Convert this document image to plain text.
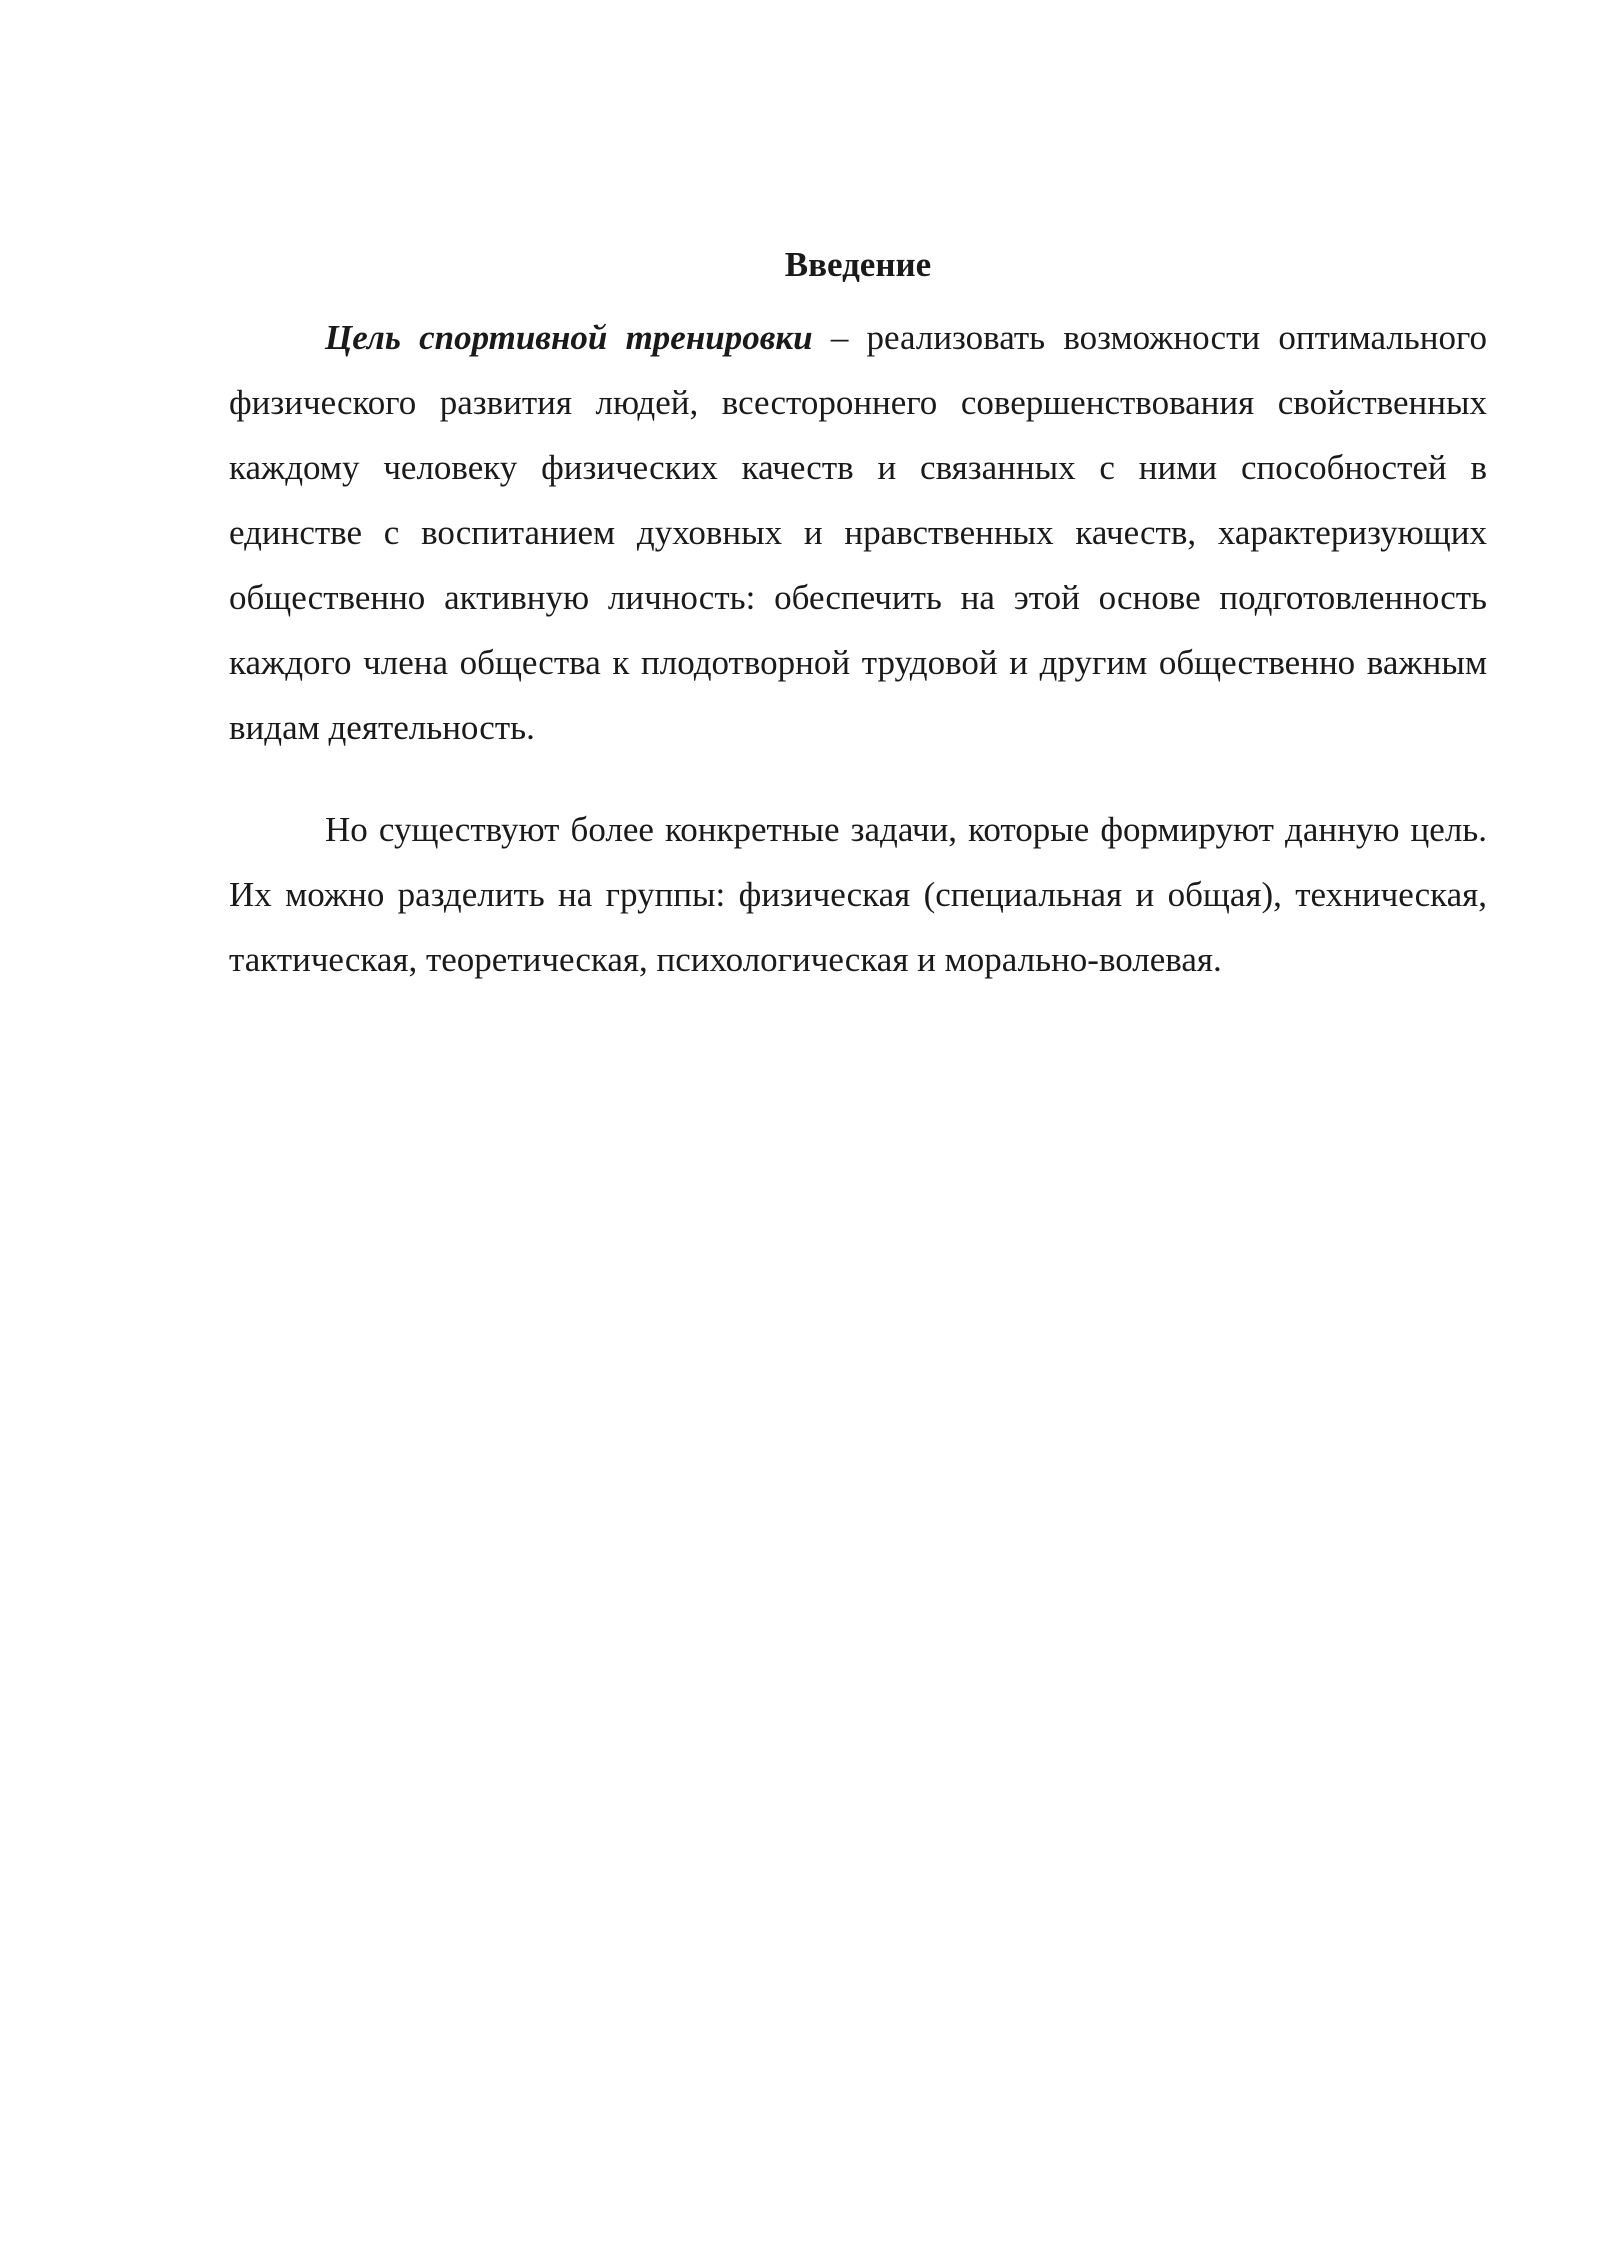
Введение

Цель спортивной тренировки – реализовать возможности оптимального физического развития людей, всестороннего совершенствования свойственных каждому человеку физических качеств и связанных с ними способностей в единстве с воспитанием духовных и нравственных качеств, характеризующих общественно активную личность: обеспечить на этой основе подготовленность каждого члена общества к плодотворной трудовой и другим общественно важным видам деятельность.

Но существуют более конкретные задачи, которые формируют данную цель. Их можно разделить на группы: физическая (специальная и общая), техническая, тактическая, теоретическая, психологическая и морально-волевая.
